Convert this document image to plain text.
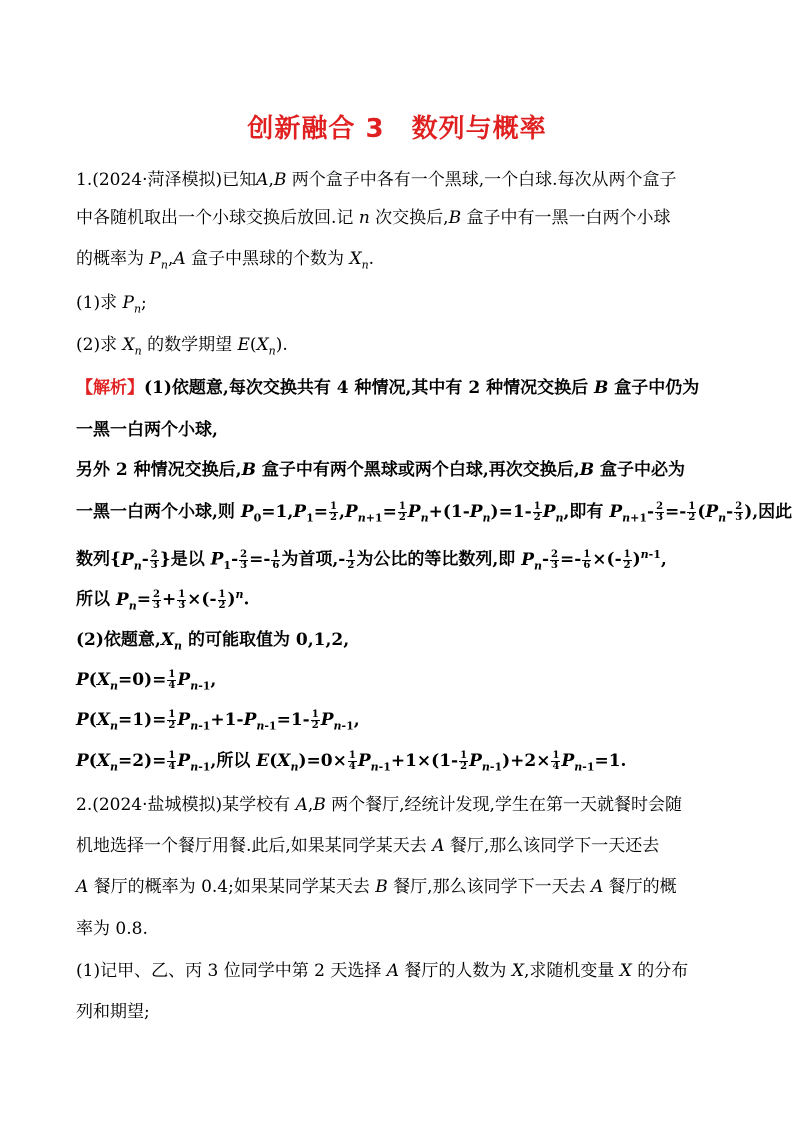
创新融合 3　数列与概率
1.(2024·菏泽模拟)已知A,B 两个盒子中各有一个黑球,一个白球.每次从两个盒子
中各随机取出一个小球交换后放回.记 n 次交换后,B 盒子中有一黑一白两个小球
的概率为 $P_n,A$ 盒子中黑球的个数为 $X_n$.
(1)求 $P_n$;
(2)求 $X_n$ 的数学期望 $E(X_n)$.
【解析】(1)依题意,每次交换共有 4 种情况,其中有 2 种情况交换后 B 盒子中仍为
一黑一白两个小球,
另外 2 种情况交换后,B 盒子中有两个黑球或两个白球,再次交换后,B 盒子中必为
一黑一白两个小球,则 $P_0=1,P_1= \frac{1}{2} ,P_{n+1}= \frac{1}{2} P_n+(1-P_n)=1- \frac{1}{2} P_n$,即有 $P_{n+1}- \frac{2}{3} =- \frac{1}{2} (P_n- \frac{2}{3}$ ),因此
数列{$P_n- \frac{2}{3}$ }是以 $P_1- \frac{2}{3} =- \frac{1}{6}$ 为首项,- $\frac{1}{2}$ 为公比的等比数列,即 $P_n- \frac{2}{3} =- \frac{1}{6}$ ×(- $\frac{1}{2} )^{n-1}$,
所以 $P_n= \frac{2}{3} + \frac{1}{3}$ ×(- $\frac{1}{2} )^n$.
(2)依题意$,X_n$ 的可能取值为 0,1,2,
$P(X_n=0)= \frac{1}{4} P_{n-1}$,
$P(X_n=1)= \frac{1}{2} P_{n-1}+1-P_{n-1}=1- \frac{1}{2} P_{n-1}$,
$P(X_n=2)= \frac{1}{4} P_{n-1}$,所以 $E(X_n)=0\times \frac{1}{4} P_{n-1}+1\times(1- \frac{1}{2} P_{n-1})+2\times \frac{1}{4} P_{n-1}=1$.
2.(2024·盐城模拟)某学校有 A,B 两个餐厅,经统计发现,学生在第一天就餐时会随
机地选择一个餐厅用餐.此后,如果某同学某天去 A 餐厅,那么该同学下一天还去
A 餐厅的概率为 0.4;如果某同学某天去 B 餐厅,那么该同学下一天去 A 餐厅的概
率为 0.8.
(1)记甲、乙、丙 3 位同学中第 2 天选择 A 餐厅的人数为 X,求随机变量 X 的分布
列和期望;
